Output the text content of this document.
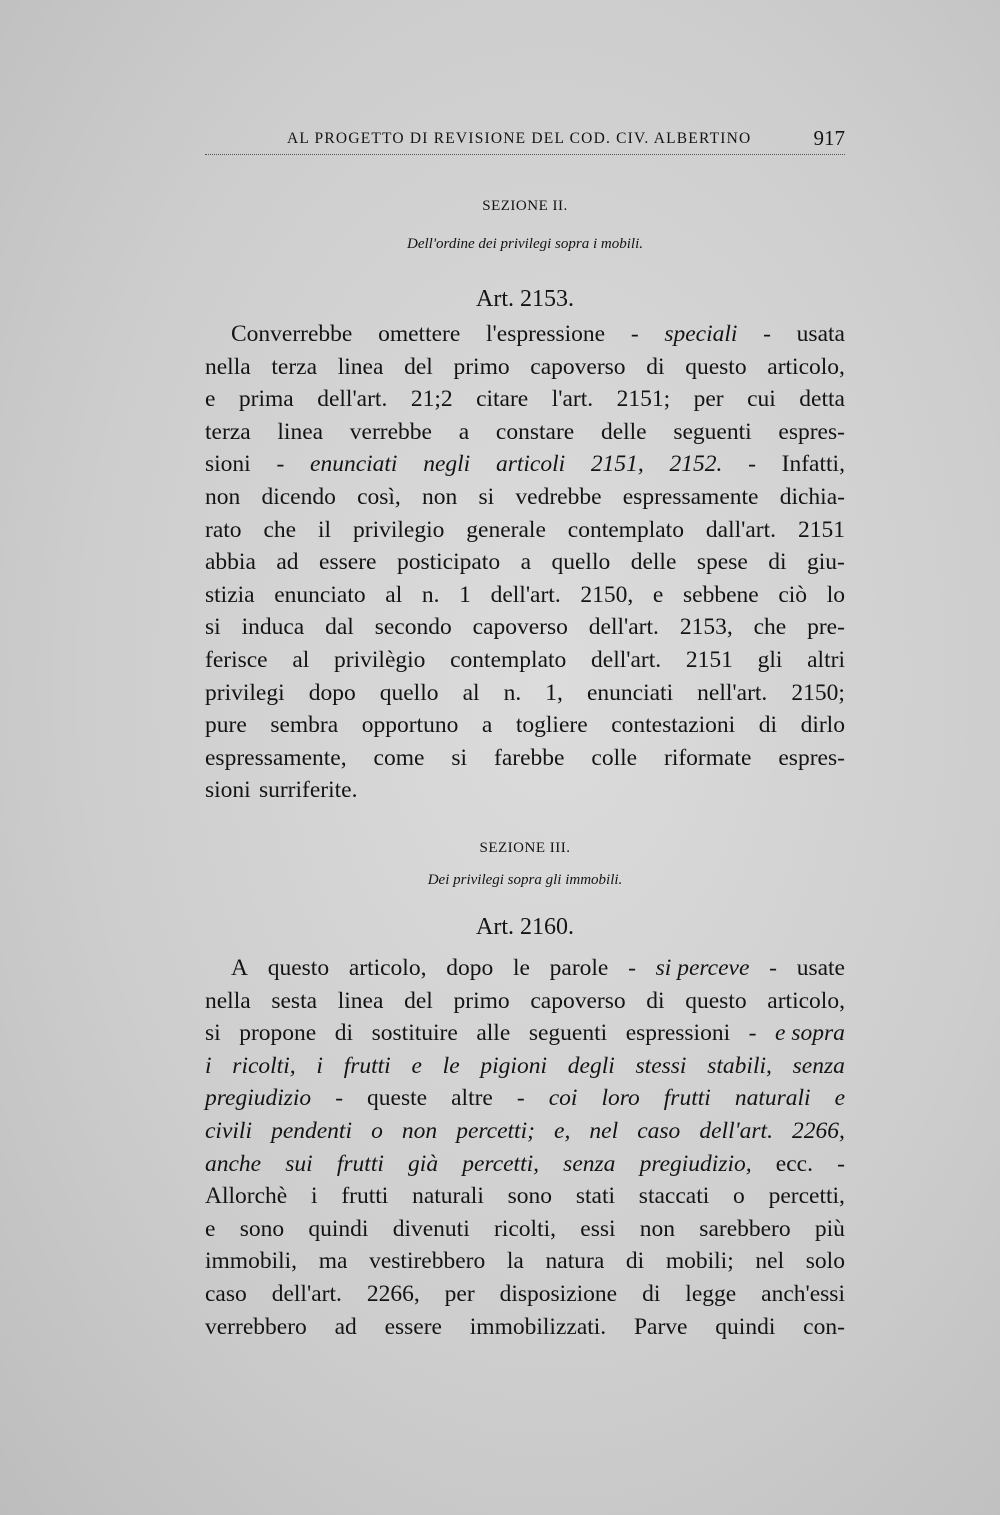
AL PROGETTO DI REVISIONE DEL COD. CIV. ALBERTINO	917
SEZIONE II.
Dell'ordine dei privilegi sopra i mobili.
Art. 2153.
Converrebbe omettere l'espressione - speciali - usata
nella terza linea del primo capoverso di questo articolo,
e prima dell'art. 21;2 citare l'art. 2151; per cui detta
terza linea verrebbe a constare delle seguenti espres-
sioni - enunciati negli articoli 2151, 2152. - Infatti,
non dicendo così, non si vedrebbe espressamente dichia-
rato che il privilegio generale contemplato dall'art. 2151
abbia ad essere posticipato a quello delle spese di giu-
stizia enunciato al n. 1 dell'art. 2150, e sebbene ciò lo
si induca dal secondo capoverso dell'art. 2153, che pre-
ferisce al privilègio contemplato dell'art. 2151 gli altri
privilegi dopo quello al n. 1, enunciati nell'art. 2150;
pure sembra opportuno a togliere contestazioni di dirlo
espressamente, come si farebbe colle riformate espres-
sioni surriferite.
SEZIONE III.
Dei privilegi sopra gli immobili.
Art. 2160.
A questo articolo, dopo le parole - si perceve - usate
nella sesta linea del primo capoverso di questo articolo,
si propone di sostituire alle seguenti espressioni - e sopra
i ricolti, i frutti e le pigioni degli stessi stabili, senza
pregiudizio - queste altre - coi loro frutti naturali e
civili pendenti o non percetti; e, nel caso dell'art. 2266,
anche sui frutti già percetti, senza pregiudizio, ecc. -
Allorchè i frutti naturali sono stati staccati o percetti,
e sono quindi divenuti ricolti, essi non sarebbero più
immobili, ma vestirebbero la natura di mobili; nel solo
caso dell'art. 2266, per disposizione di legge anch'essi
verrebbero ad essere immobilizzati. Parve quindi con-
